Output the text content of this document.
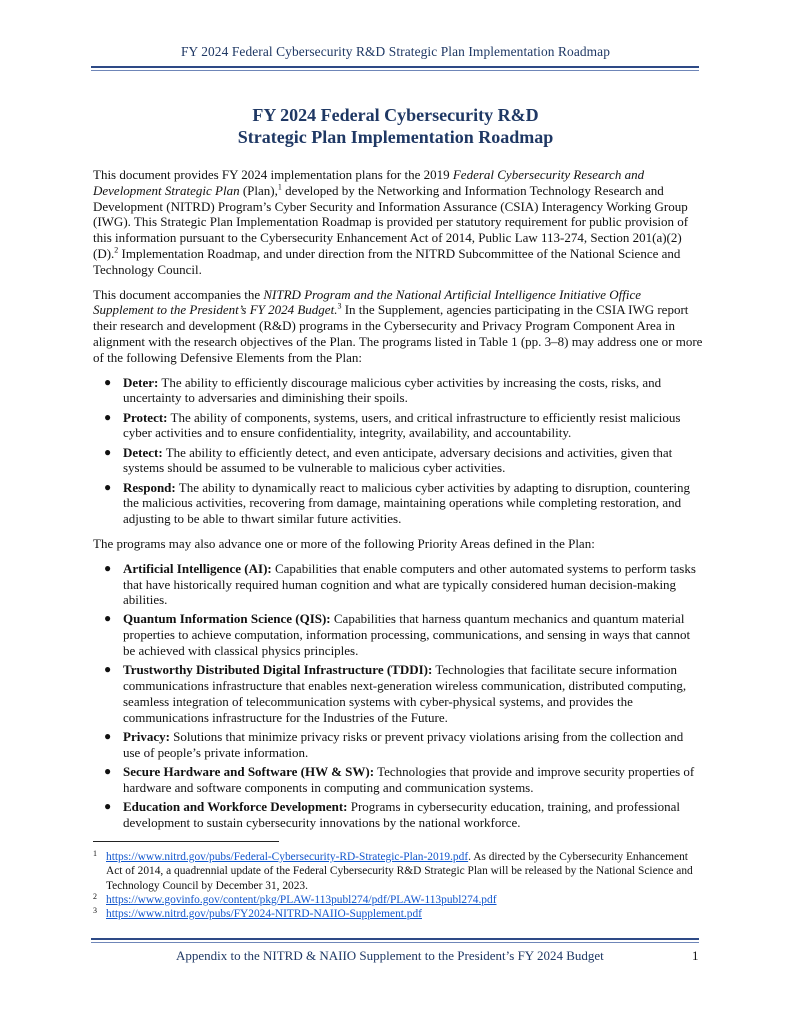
FY 2024 Federal Cybersecurity R&D Strategic Plan Implementation Roadmap
FY 2024 Federal Cybersecurity R&D
Strategic Plan Implementation Roadmap

This document provides FY 2024 implementation plans for the 2019 Federal Cybersecurity Research and Development Strategic Plan (Plan),$^1$ developed by the Networking and Information Technology Research and Development (NITRD) Program’s Cyber Security and Information Assurance (CSIA) Interagency Working Group (IWG). This Strategic Plan Implementation Roadmap is provided per statutory requirement for public provision of this information pursuant to the Cybersecurity Enhancement Act of 2014, Public Law 113-274, Section 201(a)(2)(D).$^2$ Implementation Roadmap, and under direction from the NITRD Subcommittee of the National Science and Technology Council.

This document accompanies the NITRD Program and the National Artificial Intelligence Initiative Office Supplement to the President’s FY 2024 Budget.$^3$ In the Supplement, agencies participating in the CSIA IWG report their research and development (R&D) programs in the Cybersecurity and Privacy Program Component Area in alignment with the research objectives of the Plan. The programs listed in Table 1 (pp. 3–8) may address one or more of the following Defensive Elements from the Plan:

● Deter: The ability to efficiently discourage malicious cyber activities by increasing the costs, risks, and uncertainty to adversaries and diminishing their spoils.
● Protect: The ability of components, systems, users, and critical infrastructure to efficiently resist malicious cyber activities and to ensure confidentiality, integrity, availability, and accountability.
● Detect: The ability to efficiently detect, and even anticipate, adversary decisions and activities, given that systems should be assumed to be vulnerable to malicious cyber activities.
● Respond: The ability to dynamically react to malicious cyber activities by adapting to disruption, countering the malicious activities, recovering from damage, maintaining operations while completing restoration, and adjusting to be able to thwart similar future activities.

The programs may also advance one or more of the following Priority Areas defined in the Plan:

● Artificial Intelligence (AI): Capabilities that enable computers and other automated systems to perform tasks that have historically required human cognition and what are typically considered human decision-making abilities.
● Quantum Information Science (QIS): Capabilities that harness quantum mechanics and quantum material properties to achieve computation, information processing, communications, and sensing in ways that cannot be achieved with classical physics principles.
● Trustworthy Distributed Digital Infrastructure (TDDI): Technologies that facilitate secure information communications infrastructure that enables next-generation wireless communication, distributed computing, seamless integration of telecommunication systems with cyber-physical systems, and provides the communications infrastructure for the Industries of the Future.
● Privacy: Solutions that minimize privacy risks or prevent privacy violations arising from the collection and use of people’s private information.
● Secure Hardware and Software (HW & SW): Technologies that provide and improve security properties of hardware and software components in computing and communication systems.
● Education and Workforce Development: Programs in cybersecurity education, training, and professional development to sustain cybersecurity innovations by the national workforce.
1 https://www.nitrd.gov/pubs/Federal-Cybersecurity-RD-Strategic-Plan-2019.pdf. As directed by the Cybersecurity Enhancement Act of 2014, a quadrennial update of the Federal Cybersecurity R&D Strategic Plan will be released by the National Science and Technology Council by December 31, 2023.
2 https://www.govinfo.gov/content/pkg/PLAW-113publ274/pdf/PLAW-113publ274.pdf
3 https://www.nitrd.gov/pubs/FY2024-NITRD-NAIIO-Supplement.pdf
Appendix to the NITRD & NAIIO Supplement to the President’s FY 2024 Budget	1
